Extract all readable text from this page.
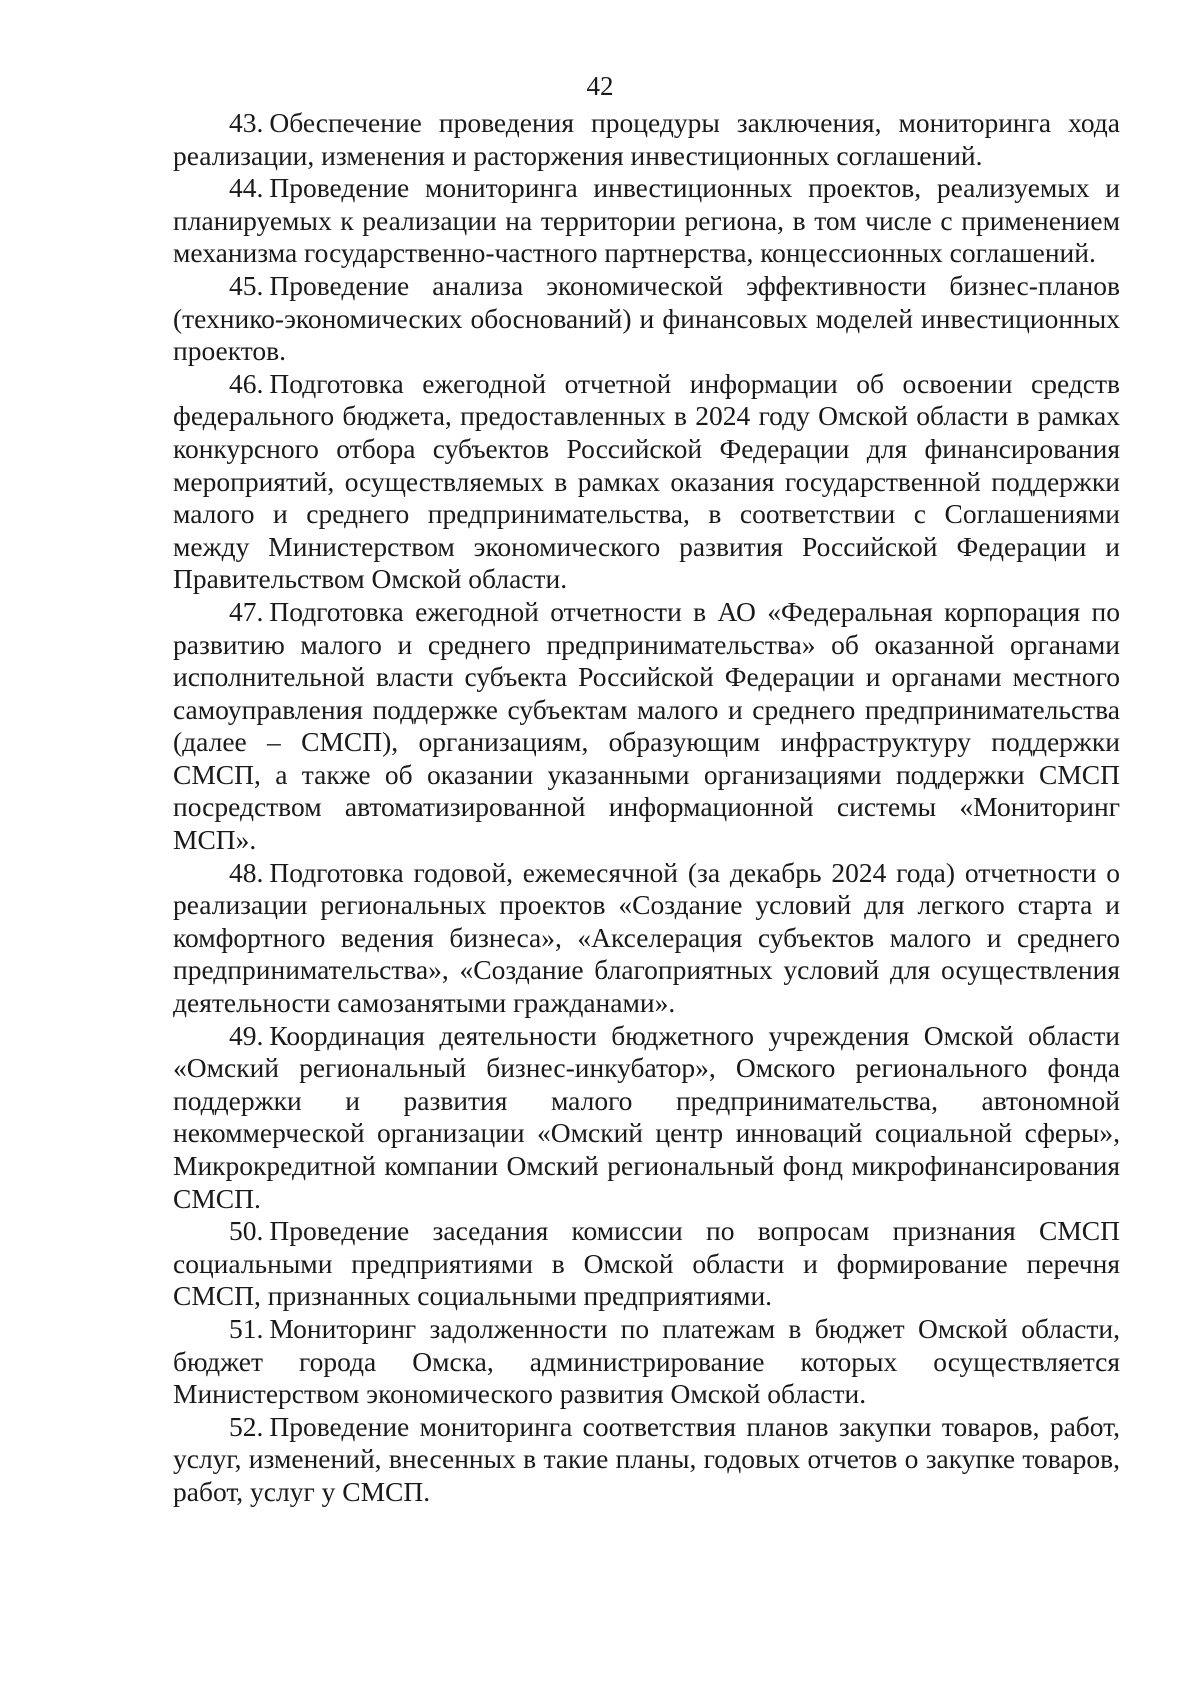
42

43. Обеспечение проведения процедуры заключения, мониторинга хода реализации, изменения и расторжения инвестиционных соглашений.

44. Проведение мониторинга инвестиционных проектов, реализуемых и планируемых к реализации на территории региона, в том числе с применением механизма государственно-частного партнерства, концессионных соглашений.

45. Проведение анализа экономической эффективности бизнес-планов (технико-экономических обоснований) и финансовых моделей инвестиционных проектов.

46. Подготовка ежегодной отчетной информации об освоении средств федерального бюджета, предоставленных в 2024 году Омской области в рамках конкурсного отбора субъектов Российской Федерации для финансирования мероприятий, осуществляемых в рамках оказания государственной поддержки малого и среднего предпринимательства, в соответствии с Соглашениями между Министерством экономического развития Российской Федерации и Правительством Омской области.

47. Подготовка ежегодной отчетности в АО «Федеральная корпорация по развитию малого и среднего предпринимательства» об оказанной органами исполнительной власти субъекта Российской Федерации и органами местного самоуправления поддержке субъектам малого и среднего предпринимательства (далее – СМСП), организациям, образующим инфраструктуру поддержки СМСП, а также об оказании указанными организациями поддержки СМСП посредством автоматизированной информационной системы «Мониторинг МСП».

48. Подготовка годовой, ежемесячной (за декабрь 2024 года) отчетности о реализации региональных проектов «Создание условий для легкого старта и комфортного ведения бизнеса», «Акселерация субъектов малого и среднего предпринимательства», «Создание благоприятных условий для осуществления деятельности самозанятыми гражданами».

49. Координация деятельности бюджетного учреждения Омской области «Омский региональный бизнес-инкубатор», Омского регионального фонда поддержки и развития малого предпринимательства, автономной некоммерческой организации «Омский центр инноваций социальной сферы», Микрокредитной компании Омский региональный фонд микрофинансирования СМСП.

50. Проведение заседания комиссии по вопросам признания СМСП социальными предприятиями в Омской области и формирование перечня СМСП, признанных социальными предприятиями.

51. Мониторинг задолженности по платежам в бюджет Омской области, бюджет города Омска, администрирование которых осуществляется Министерством экономического развития Омской области.

52. Проведение мониторинга соответствия планов закупки товаров, работ, услуг, изменений, внесенных в такие планы, годовых отчетов о закупке товаров, работ, услуг у СМСП.
